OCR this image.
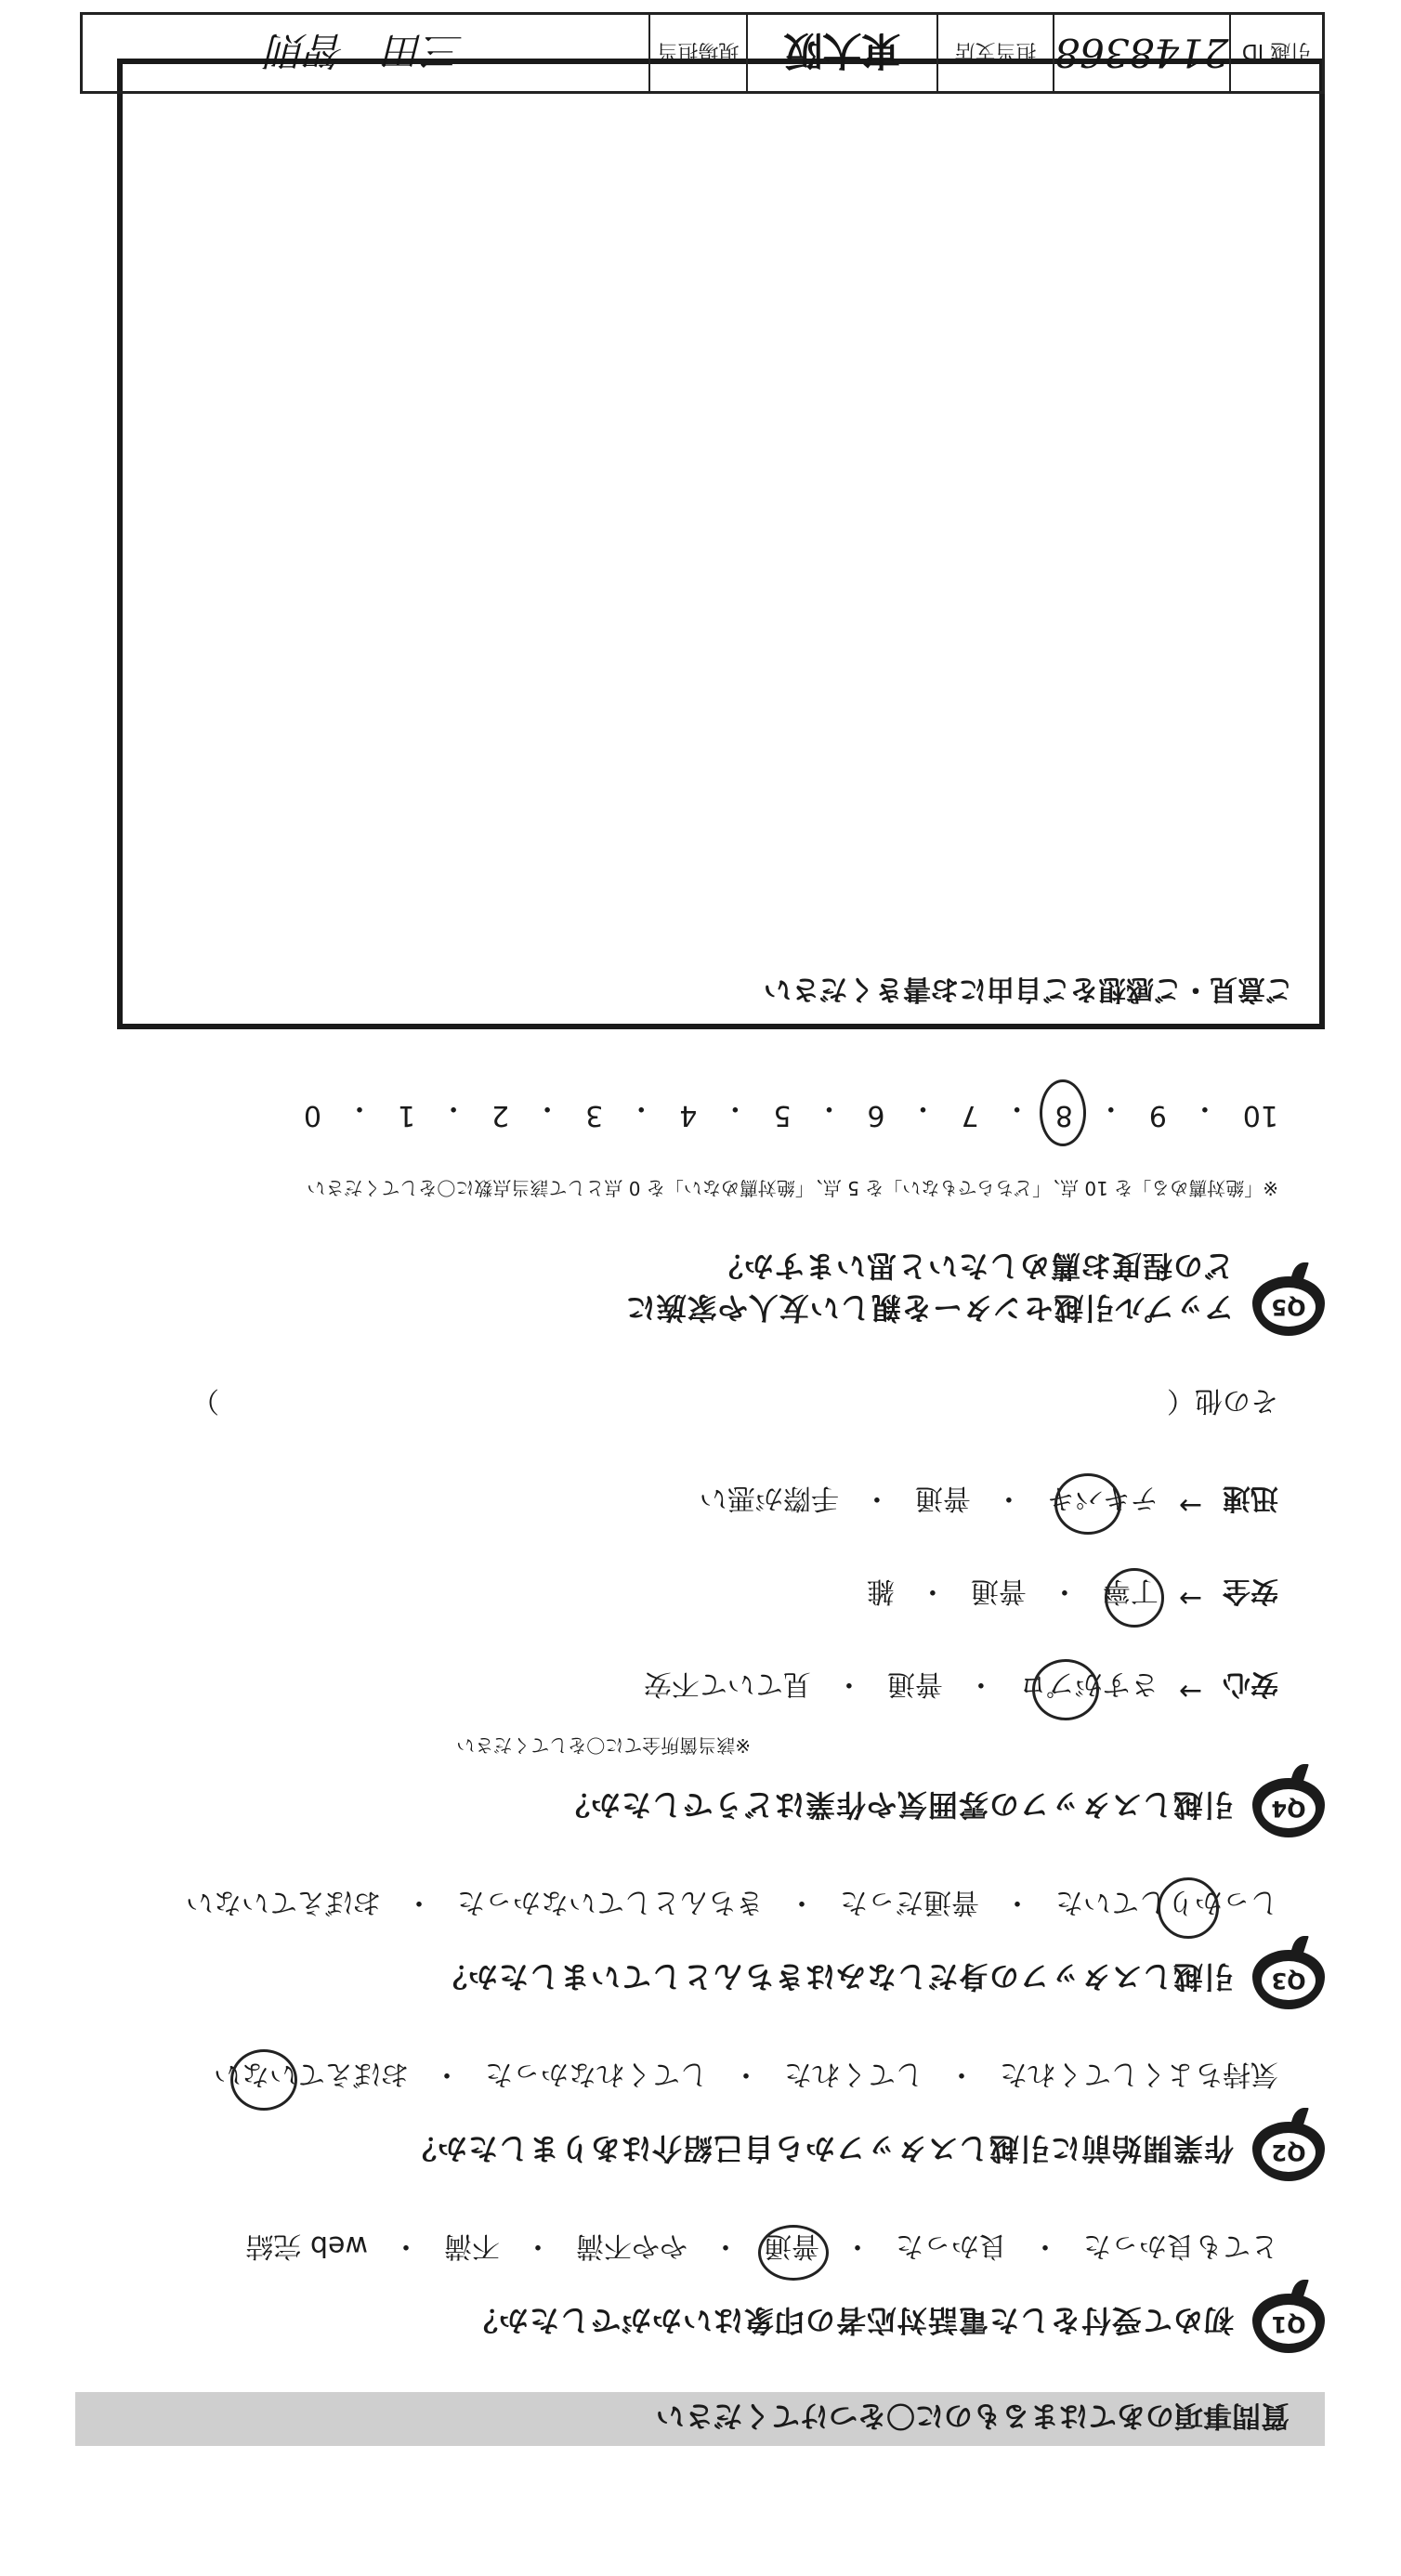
質問事項のあてはまるものに〇をつけてください
Q1
初めて受付をした電話対応者の印象はいかがでしたか？
とても良かった
・
良かった
・
普通
・
やや不満
・
不満
・
web 完結
Q2
作業開始前に引越しスタッフから自己紹介はありましたか？
気持ちよくしてくれた
・
してくれた
・
してくれなかった
・
おぼえていない
Q3
引越しスタッフの身だしなみはきちんとしていましたか？
しっかりしていた
・
普通だった
・
きちんとしていなかった
・
おぼえていない
Q4
引越しスタッフの雰囲気や作業はどうでしたか？
※該当箇所全てに〇をしてください
安心
→
さすがプロ
・
普通
・
見ていて不安
安全
→
丁寧
・
普通
・
雑
迅速
→
テキパキ
・
普通
・
手際が悪い
その他（　　　　　　　　　　　　　　　　　　　　　　　　　　　　　　　　　　）
Q5
アップル引越センターを親しい友人や家族に
どの程度お薦めしたいと思いますか？
※「絶対薦める」を 10 点、「どちらでもない」を 5 点、「絶対薦めない」を 0 点として該当点数に〇をしてください
10
・
9
・
8
・
7
・
6
・
5
・
4
・
3
・
2
・
1
・
0
ご意見・ご感想をご自由にお書きください
引越 ID
2148368
担当支店
東大阪
現場担当
三田　智則
